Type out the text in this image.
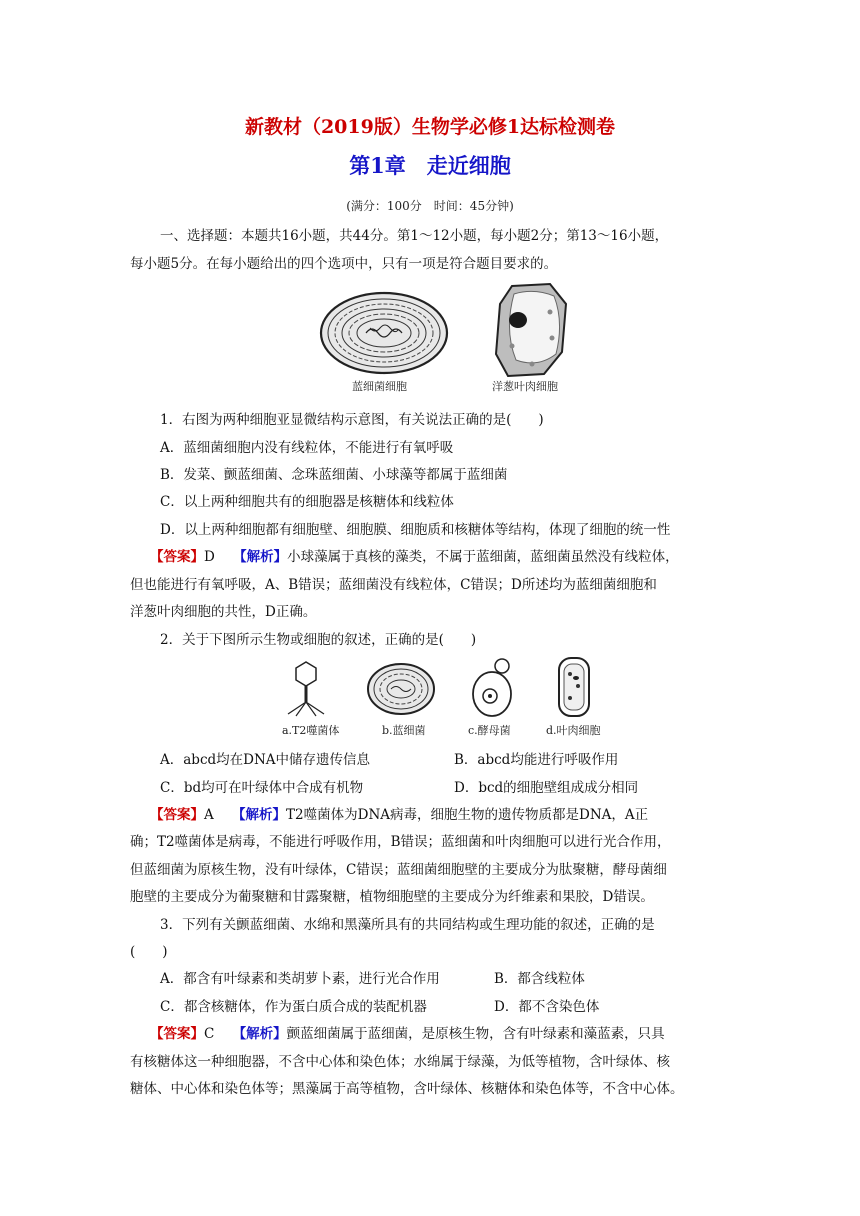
新教材（2019版）生物学必修1达标检测卷
第1章　走近细胞
(满分：100分　时间：45分钟)
一、选择题：本题共16小题，共44分。第1～12小题，每小题2分；第13～16小题，
每小题5分。在每小题给出的四个选项中，只有一项是符合题目要求的。
蓝细菌细胞	洋葱叶肉细胞
1．右图为两种细胞亚显微结构示意图，有关说法正确的是(　　)
A．蓝细菌细胞内没有线粒体，不能进行有氧呼吸
B．发菜、颤蓝细菌、念珠蓝细菌、小球藻等都属于蓝细菌
C．以上两种细胞共有的细胞器是核糖体和线粒体
D．以上两种细胞都有细胞壁、细胞膜、细胞质和核糖体等结构，体现了细胞的统一性
【答案】D 【解析】小球藻属于真核的藻类，不属于蓝细菌，蓝细菌虽然没有线粒体，
但也能进行有氧呼吸，A、B错误；蓝细菌没有线粒体，C错误；D所述均为蓝细菌细胞和
洋葱叶肉细胞的共性，D正确。
2．关于下图所示生物或细胞的叙述，正确的是(　　)
a.T2噬菌体	b.蓝细菌	c.酵母菌	d.叶肉细胞
A．abcd均在DNA中储存遗传信息	B．abcd均能进行呼吸作用
C．bd均可在叶绿体中合成有机物	D．bcd的细胞壁组成成分相同
【答案】A 【解析】T2噬菌体为DNA病毒，细胞生物的遗传物质都是DNA，A正
确；T2噬菌体是病毒，不能进行呼吸作用，B错误；蓝细菌和叶肉细胞可以进行光合作用，
但蓝细菌为原核生物，没有叶绿体，C错误；蓝细菌细胞壁的主要成分为肽聚糖，酵母菌细
胞壁的主要成分为葡聚糖和甘露聚糖，植物细胞壁的主要成分为纤维素和果胶，D错误。
3．下列有关颤蓝细菌、水绵和黑藻所具有的共同结构或生理功能的叙述，正确的是
(　　)
A．都含有叶绿素和类胡萝卜素，进行光合作用	B．都含线粒体
C．都含核糖体，作为蛋白质合成的装配机器	D．都不含染色体
【答案】C 【解析】颤蓝细菌属于蓝细菌，是原核生物，含有叶绿素和藻蓝素，只具
有核糖体这一种细胞器，不含中心体和染色体；水绵属于绿藻，为低等植物，含叶绿体、核
糖体、中心体和染色体等；黑藻属于高等植物，含叶绿体、核糖体和染色体等，不含中心体。
